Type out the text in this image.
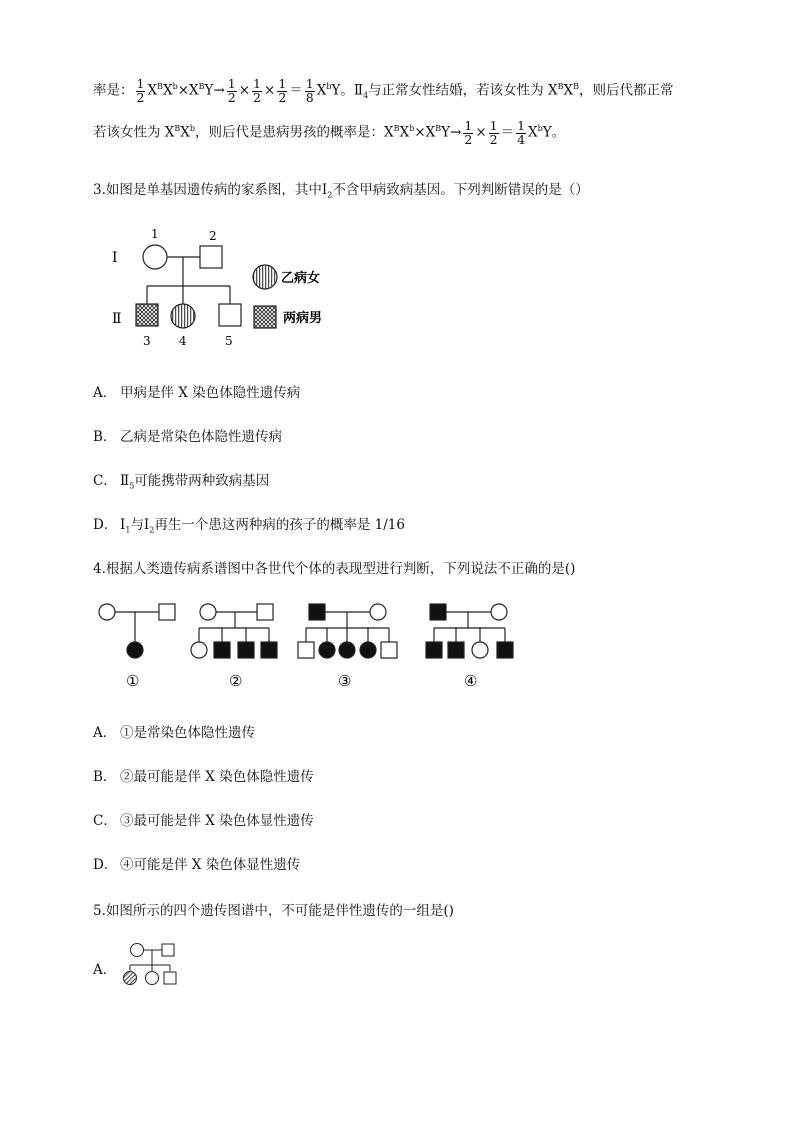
率是： $\frac{1}{2} X^BX^b\times X^BY\to \frac{1}{2} \times \frac{1}{2} \times \frac{1}{2} = \frac{1}{8} X^bY$。$Ⅱ_4$与正常女性结婚，若该女性为 $X^BX^B$，则后代都正常
若该女性为 $X^BX^b$，则后代是患病男孩的概率是：$X^BX^b\times X^BY\to \frac{1}{2} \times \frac{1}{2} = \frac{1}{4} X^bY$。
3.如图是单基因遗传病的家系图，其中$Ⅰ_2$不含甲病致病基因。下列判断错误的是（）
Ⅰ
Ⅱ
1	2
3 4	5
乙病女
两病男
A． 甲病是伴 X 染色体隐性遗传病
B． 乙病是常染色体隐性遗传病
C． $Ⅱ_5$可能携带两种致病基因
D． $Ⅰ_1$与$Ⅰ_2$再生一个患这两种病的孩子的概率是 1/16
4.根据人类遗传病系谱图中各世代个体的表现型进行判断，下列说法不正确的是()
①	②	③	④
A． ①是常染色体隐性遗传
B． ②最可能是伴 X 染色体隐性遗传
C． ③最可能是伴 X 染色体显性遗传
D． ④可能是伴 X 染色体显性遗传
5.如图所示的四个遗传图谱中，不可能是伴性遗传的一组是()
A．
